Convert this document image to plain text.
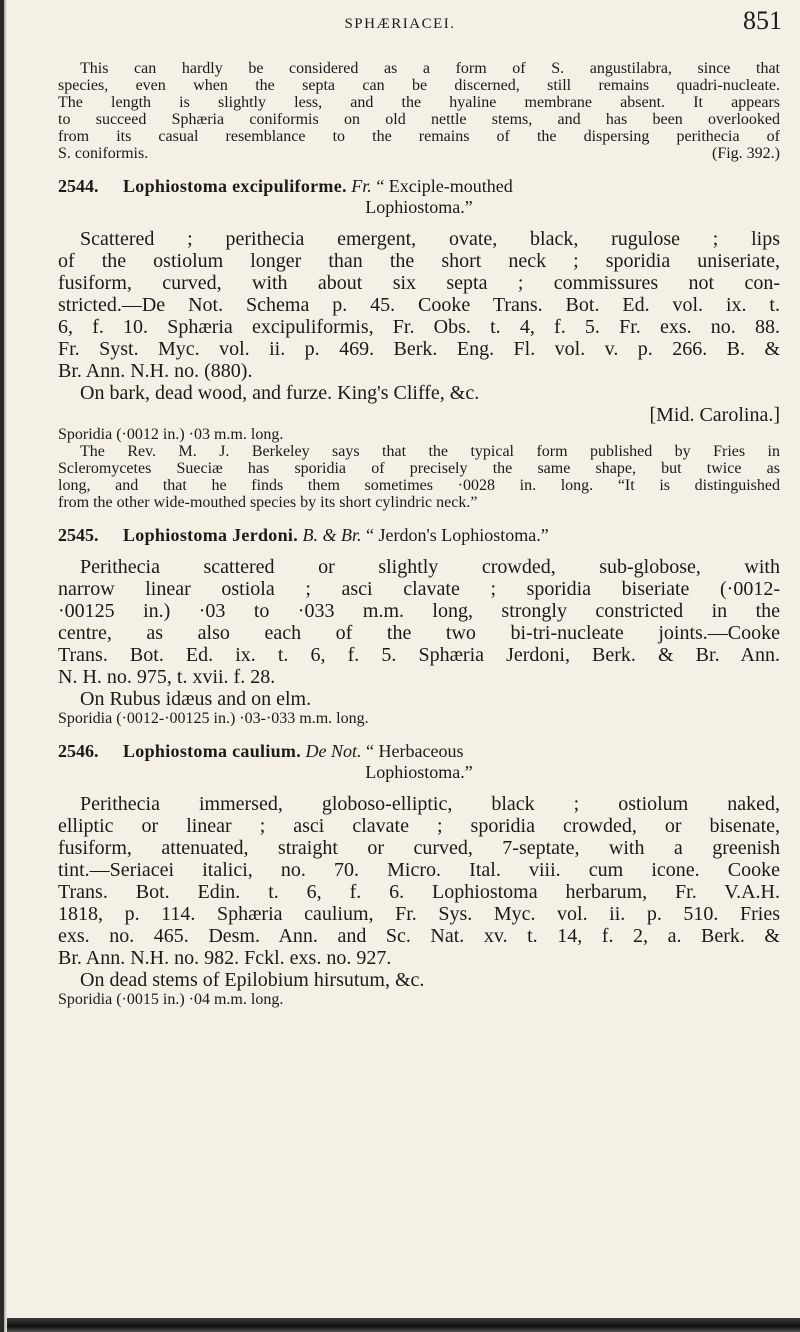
SPHÆRIACEI.	851

This can hardly be considered as a form of S. angustilabra, since that

species, even when the septa can be discerned, still remains quadri-nucleate.

The length is slightly less, and the hyaline membrane absent. It appears

to succeed Sphæria coniformis on old nettle stems, and has been overlooked

from its casual resemblance to the remains of the dispersing perithecia of

S. coniformis.	(Fig. 392.)

2544. Lophiostoma excipuliforme. Fr. “ Exciple-mouthed
Lophiostoma.”

Scattered ; perithecia emergent, ovate, black, rugulose ; lips

of the ostiolum longer than the short neck ; sporidia uniseriate,

fusiform, curved, with about six septa ; commissures not con-

stricted.—De Not. Schema p. 45. Cooke Trans. Bot. Ed. vol. ix. t.

6, f. 10. Sphæria excipuliformis, Fr. Obs. t. 4, f. 5. Fr. exs. no. 88.

Fr. Syst. Myc. vol. ii. p. 469. Berk. Eng. Fl. vol. v. p. 266. B. &

Br. Ann. N.H. no. (880).

On bark, dead wood, and furze. King's Cliffe, &c.

[Mid. Carolina.]

Sporidia (·0012 in.) ·03 m.m. long.

The Rev. M. J. Berkeley says that the typical form published by Fries in

Scleromycetes Sueciæ has sporidia of precisely the same shape, but twice as

long, and that he finds them sometimes ·0028 in. long. “It is distinguished

from the other wide-mouthed species by its short cylindric neck.”

2545. Lophiostoma Jerdoni. B. & Br. “ Jerdon's Lophiostoma.”

Perithecia scattered or slightly crowded, sub-globose, with

narrow linear ostiola ; asci clavate ; sporidia biseriate (·0012-

·00125 in.) ·03 to ·033 m.m. long, strongly constricted in the

centre, as also each of the two bi-tri-nucleate joints.—Cooke

Trans. Bot. Ed. ix. t. 6, f. 5. Sphæria Jerdoni, Berk. & Br. Ann.

N. H. no. 975, t. xvii. f. 28.

On Rubus idæus and on elm.

Sporidia (·0012-·00125 in.) ·03-·033 m.m. long.

2546. Lophiostoma caulium. De Not. “ Herbaceous
Lophiostoma.”

Perithecia immersed, globoso-elliptic, black ; ostiolum naked,

elliptic or linear ; asci clavate ; sporidia crowded, or bisenate,

fusiform, attenuated, straight or curved, 7-septate, with a greenish

tint.—Seriacei italici, no. 70. Micro. Ital. viii. cum icone. Cooke

Trans. Bot. Edin. t. 6, f. 6. Lophiostoma herbarum, Fr. V.A.H.

1818, p. 114. Sphæria caulium, Fr. Sys. Myc. vol. ii. p. 510. Fries

exs. no. 465. Desm. Ann. and Sc. Nat. xv. t. 14, f. 2, a. Berk. &

Br. Ann. N.H. no. 982. Fckl. exs. no. 927.

On dead stems of Epilobium hirsutum, &c.

Sporidia (·0015 in.) ·04 m.m. long.
